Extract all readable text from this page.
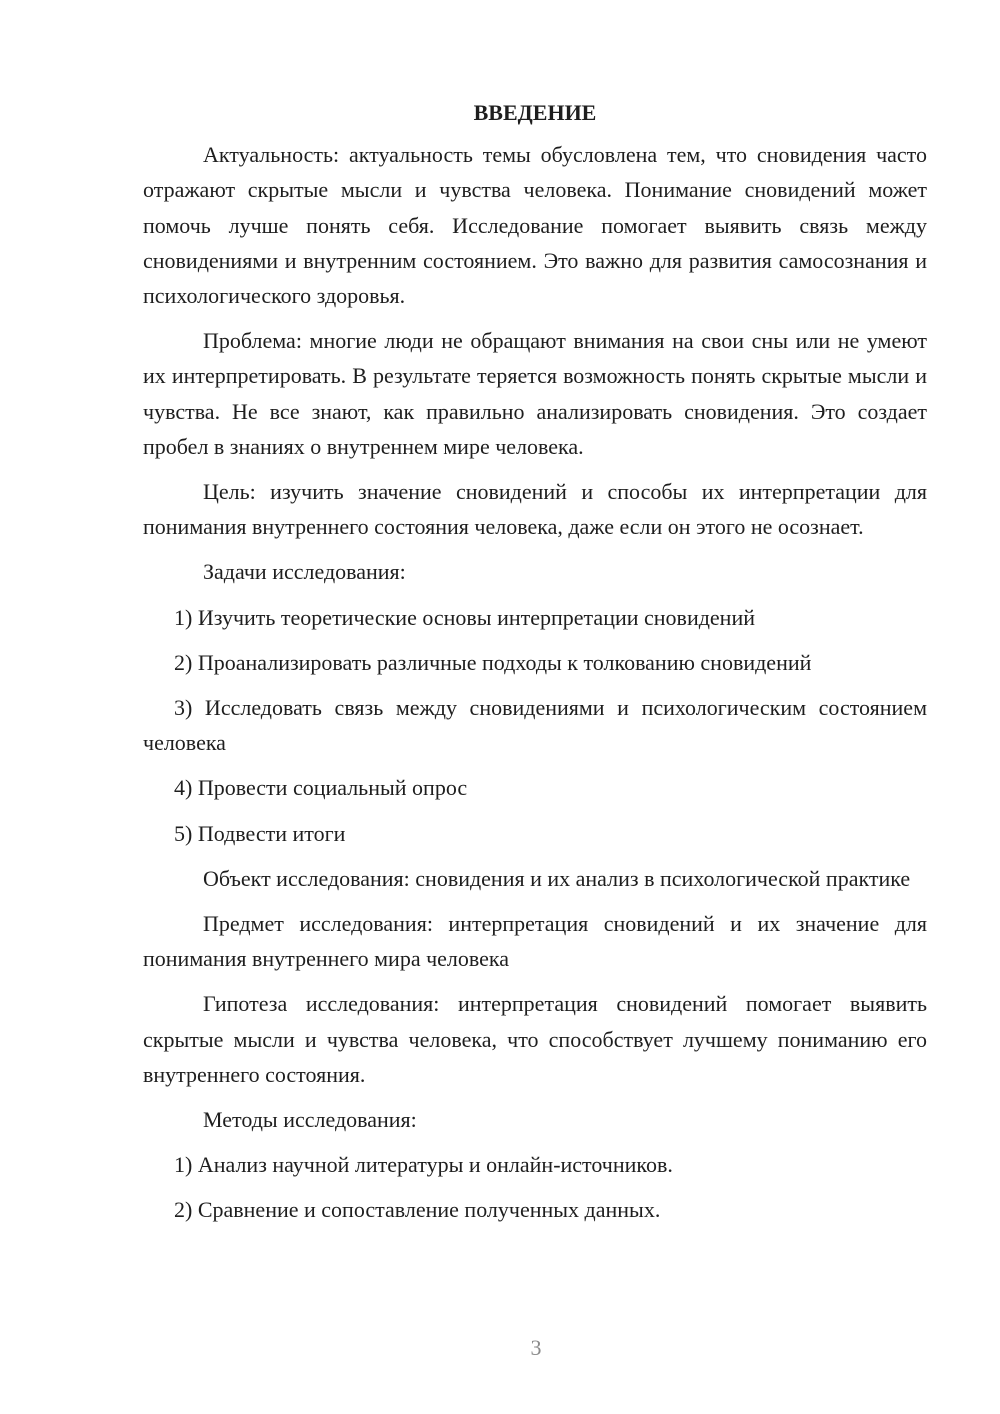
ВВЕДЕНИЕ
Актуальность: актуальность темы обусловлена тем, что сновидения часто отражают скрытые мысли и чувства человека. Понимание сновидений может помочь лучше понять себя. Исследование помогает выявить связь между сновидениями и внутренним состоянием. Это важно для развития самосознания и психологического здоровья.
Проблема: многие люди не обращают внимания на свои сны или не умеют их интерпретировать. В результате теряется возможность понять скрытые мысли и чувства. Не все знают, как правильно анализировать сновидения. Это создает пробел в знаниях о внутреннем мире человека.
Цель: изучить значение сновидений и способы их интерпретации для понимания внутреннего состояния человека, даже если он этого не осознает.
Задачи исследования:
1) Изучить теоретические основы интерпретации сновидений
2) Проанализировать различные подходы к толкованию сновидений
3) Исследовать связь между сновидениями и психологическим состоянием человека
4) Провести социальный опрос
5) Подвести итоги
Объект исследования: сновидения и их анализ в психологической практике
Предмет исследования: интерпретация сновидений и их значение для понимания внутреннего мира человека
Гипотеза исследования: интерпретация сновидений помогает выявить скрытые мысли и чувства человека, что способствует лучшему пониманию его внутреннего состояния.
Методы исследования:
1) Анализ научной литературы и онлайн-источников.
2) Сравнение и сопоставление полученных данных.
3
